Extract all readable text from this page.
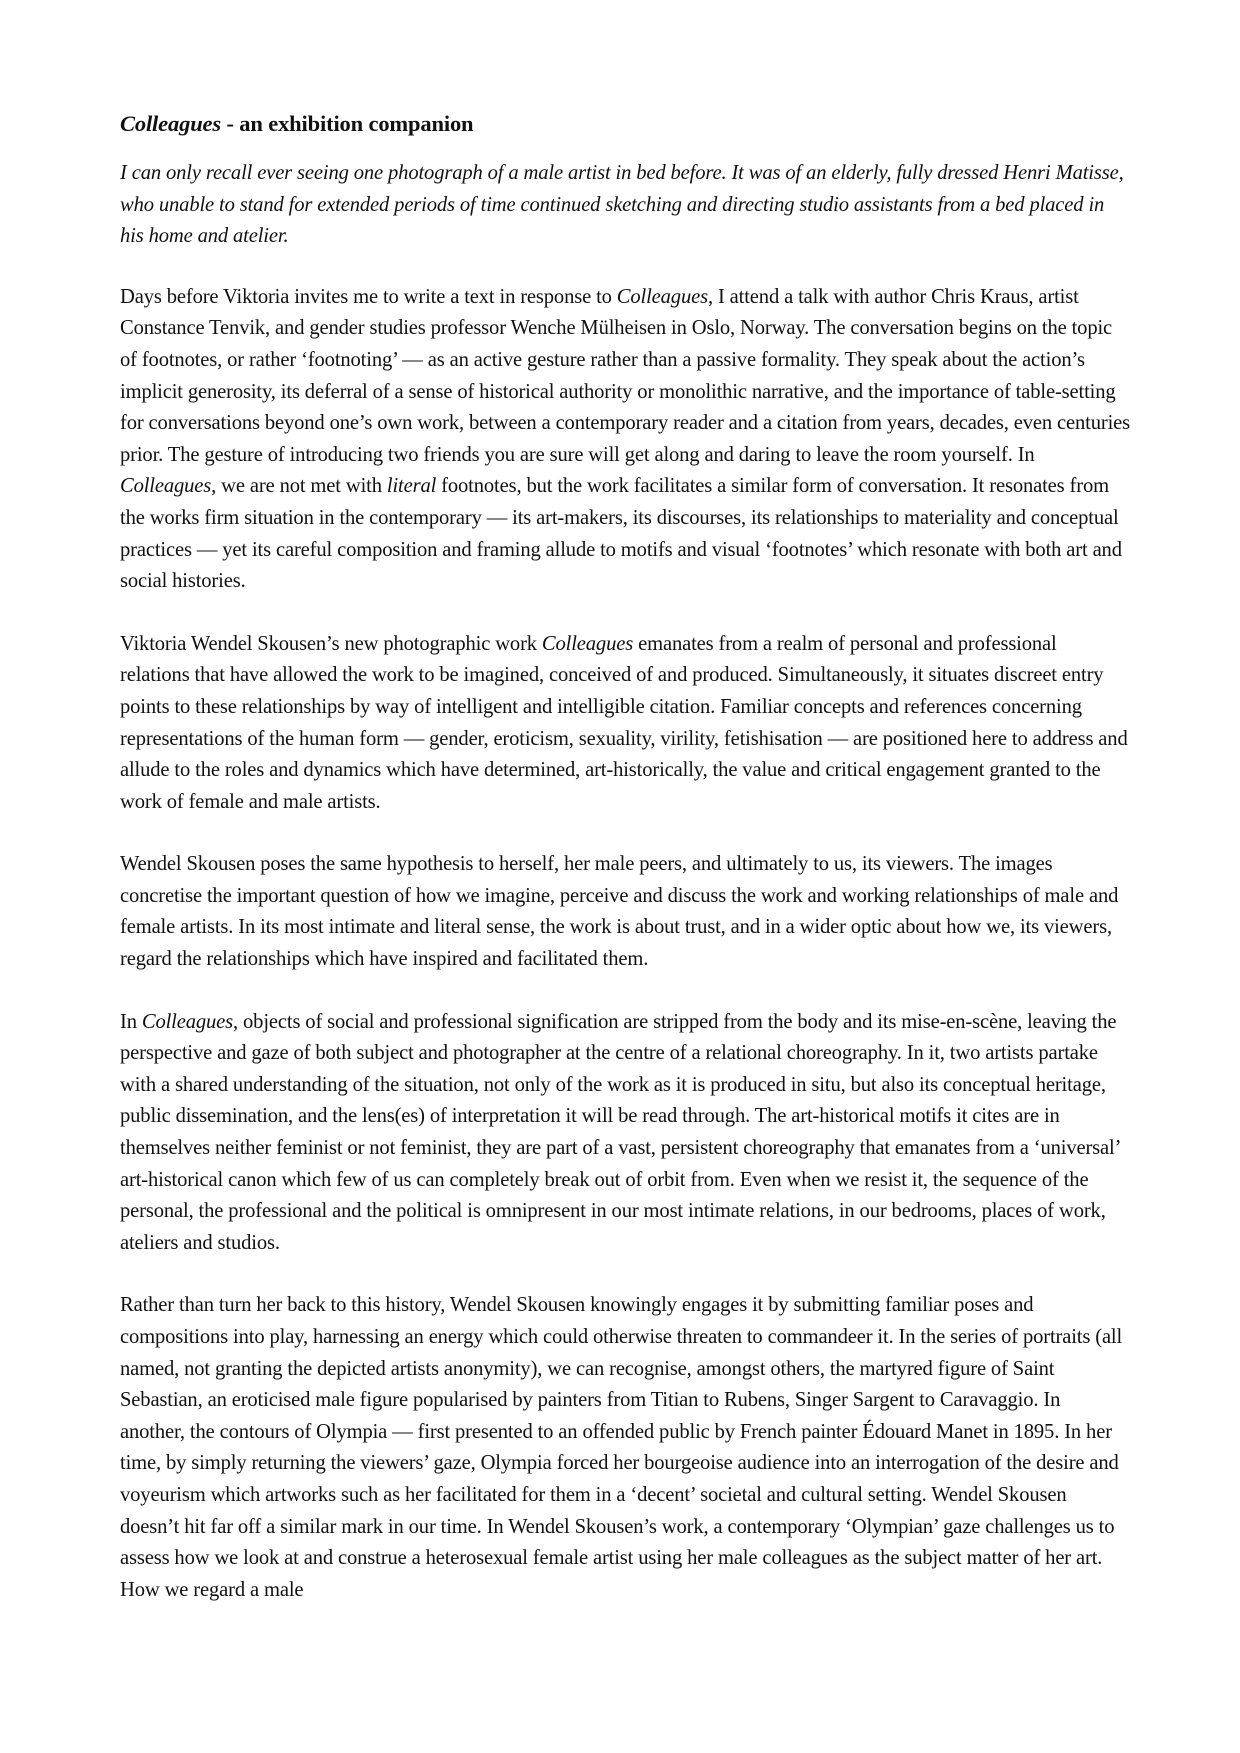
Colleagues - an exhibition companion

I can only recall ever seeing one photograph of a male artist in bed before. It was of an elderly, fully dressed Henri Matisse, who unable to stand for extended periods of time continued sketching and directing studio assistants from a bed placed in his home and atelier.

Days before Viktoria invites me to write a text in response to Colleagues, I attend a talk with author Chris Kraus, artist Constance Tenvik, and gender studies professor Wenche Mülheisen in Oslo, Norway. The conversation begins on the topic of footnotes, or rather ‘footnoting’ — as an active gesture rather than a passive formality. They speak about the action’s implicit generosity, its deferral of a sense of historical authority or monolithic narrative, and the importance of table-setting for conversations beyond one’s own work, between a contemporary reader and a citation from years, decades, even centuries prior. The gesture of introducing two friends you are sure will get along and daring to leave the room yourself. In Colleagues, we are not met with literal footnotes, but the work facilitates a similar form of conversation. It resonates from the works firm situation in the contemporary — its art-makers, its discourses, its relationships to materiality and conceptual practices — yet its careful composition and framing allude to motifs and visual ‘footnotes’ which resonate with both art and social histories.

Viktoria Wendel Skousen’s new photographic work Colleagues emanates from a realm of personal and professional relations that have allowed the work to be imagined, conceived of and produced. Simultaneously, it situates discreet entry points to these relationships by way of intelligent and intelligible citation. Familiar concepts and references concerning representations of the human form — gender, eroticism, sexuality, virility, fetishisation — are positioned here to address and allude to the roles and dynamics which have determined, art-historically, the value and critical engagement granted to the work of female and male artists.

Wendel Skousen poses the same hypothesis to herself, her male peers, and ultimately to us, its viewers. The images concretise the important question of how we imagine, perceive and discuss the work and working relationships of male and female artists. In its most intimate and literal sense, the work is about trust, and in a wider optic about how we, its viewers, regard the relationships which have inspired and facilitated them.

In Colleagues, objects of social and professional signification are stripped from the body and its mise-en-scène, leaving the perspective and gaze of both subject and photographer at the centre of a relational choreography. In it, two artists partake with a shared understanding of the situation, not only of the work as it is produced in situ, but also its conceptual heritage, public dissemination, and the lens(es) of interpretation it will be read through. The art-historical motifs it cites are in themselves neither feminist or not feminist, they are part of a vast, persistent choreography that emanates from a ‘universal’ art-historical canon which few of us can completely break out of orbit from. Even when we resist it, the sequence of the personal, the professional and the political is omnipresent in our most intimate relations, in our bedrooms, places of work, ateliers and studios.

Rather than turn her back to this history, Wendel Skousen knowingly engages it by submitting familiar poses and compositions into play, harnessing an energy which could otherwise threaten to commandeer it. In the series of portraits (all named, not granting the depicted artists anonymity), we can recognise, amongst others, the martyred figure of Saint Sebastian, an eroticised male figure popularised by painters from Titian to Rubens, Singer Sargent to Caravaggio. In another, the contours of Olympia — first presented to an offended public by French painter Édouard Manet in 1895. In her time, by simply returning the viewers’ gaze, Olympia forced her bourgeoise audience into an interrogation of the desire and voyeurism which artworks such as her facilitated for them in a ‘decent’ societal and cultural setting. Wendel Skousen doesn’t hit far off a similar mark in our time. In Wendel Skousen’s work, a contemporary ‘Olympian’ gaze challenges us to assess how we look at and construe a heterosexual female artist using her male colleagues as the subject matter of her art. How we regard a male
